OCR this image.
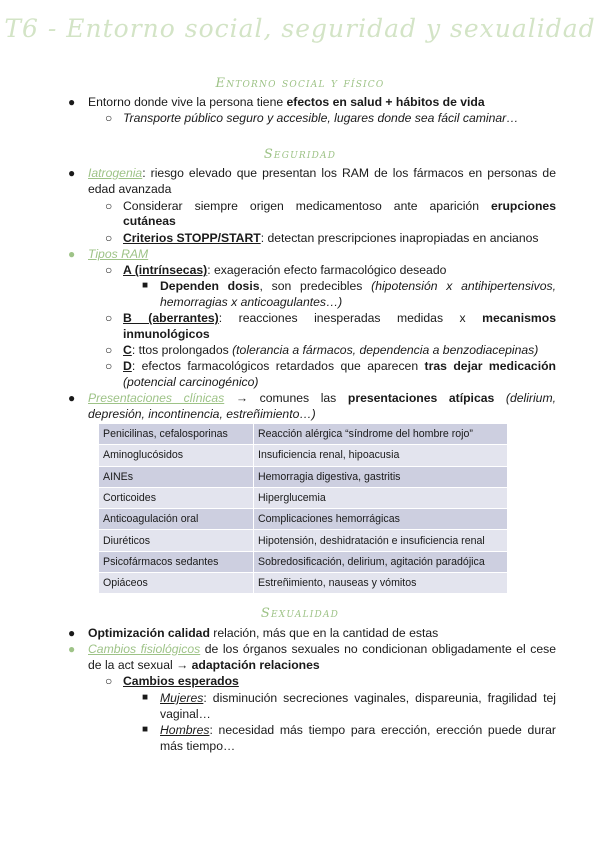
T6 - Entorno social, seguridad y sexualidad
Entorno social y físico
● Entorno donde vive la persona tiene efectos en salud + hábitos de vida
○ Transporte público seguro y accesible, lugares donde sea fácil caminar…
Seguridad
● Iatrogenia: riesgo elevado que presentan los RAM de los fármacos en personas de
edad avanzada
○ Considerar siempre origen medicamentoso ante aparición erupciones
cutáneas
○ Criterios STOPP/START: detectan prescripciones inapropiadas en ancianos
● Tipos RAM
○ A (intrínsecas): exageración efecto farmacológico deseado
■ Dependen dosis, son predecibles (hipotensión x antihipertensivos,
hemorragias x anticoagulantes…)
○ B (aberrantes): reacciones inesperadas medidas x mecanismos
inmunológicos
○ C: ttos prolongados (tolerancia a fármacos, dependencia a benzodiacepinas)
○ D: efectos farmacológicos retardados que aparecen tras dejar medicación
(potencial carcinogénico)
● Presentaciones clínicas → comunes las presentaciones atípicas (delirium,
depresión, incontinencia, estreñimiento…)
Penicilinas, cefalosporinas	Reacción alérgica “síndrome del hombre rojo”
Aminoglucósidos	Insuficiencia renal, hipoacusia
AINEs	Hemorragia digestiva, gastritis
Corticoides	Hiperglucemia
Anticoagulación oral	Complicaciones hemorrágicas
Diuréticos	Hipotensión, deshidratación e insuficiencia renal
Psicofármacos sedantes	Sobredosificación, delirium, agitación paradójica
Opiáceos	Estreñimiento, nauseas y vómitos
Sexualidad
● Optimización calidad relación, más que en la cantidad de estas
● Cambios fisiológicos de los órganos sexuales no condicionan obligadamente el cese
de la act sexual → adaptación relaciones
○ Cambios esperados
■ Mujeres: disminución secreciones vaginales, dispareunia, fragilidad tej
vaginal…
■ Hombres: necesidad más tiempo para erección, erección puede durar
más tiempo…
